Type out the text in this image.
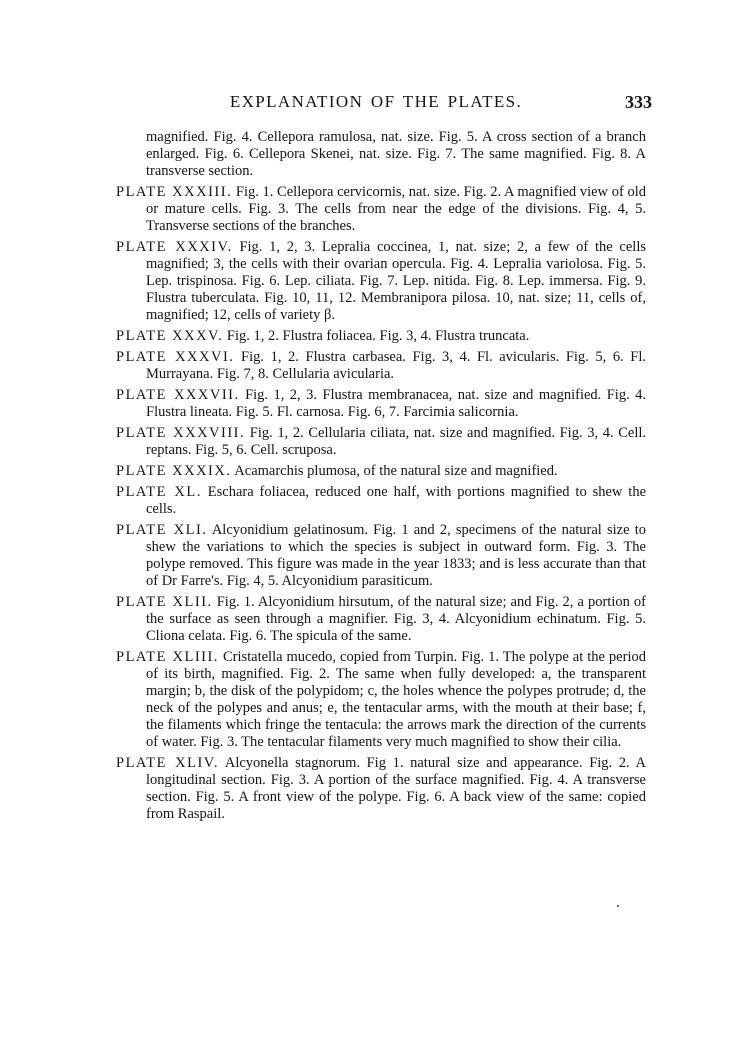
EXPLANATION OF THE PLATES.	333

magnified. Fig. 4. Cellepora ramulosa, nat. size. Fig. 5. A cross section of a branch enlarged. Fig. 6. Cellepora Skenei, nat. size. Fig. 7. The same magnified. Fig. 8. A transverse section.

PLATE XXXIII. Fig. 1. Cellepora cervicornis, nat. size. Fig. 2. A magnified view of old or mature cells. Fig. 3. The cells from near the edge of the divisions. Fig. 4, 5. Transverse sections of the branches.

PLATE XXXIV. Fig. 1, 2, 3. Lepralia coccinea, 1, nat. size; 2, a few of the cells magnified; 3, the cells with their ovarian opercula. Fig. 4. Lepralia variolosa. Fig. 5. Lep. trispinosa. Fig. 6. Lep. ciliata. Fig. 7. Lep. nitida. Fig. 8. Lep. immersa. Fig. 9. Flustra tuberculata. Fig. 10, 11, 12. Membranipora pilosa. 10, nat. size; 11, cells of, magnified; 12, cells of variety β.

PLATE XXXV. Fig. 1, 2. Flustra foliacea. Fig. 3, 4. Flustra truncata.

PLATE XXXVI. Fig. 1, 2. Flustra carbasea. Fig. 3, 4. Fl. avicularis. Fig. 5, 6. Fl. Murrayana. Fig. 7, 8. Cellularia avicularia.

PLATE XXXVII. Fig. 1, 2, 3. Flustra membranacea, nat. size and magnified. Fig. 4. Flustra lineata. Fig. 5. Fl. carnosa. Fig. 6, 7. Farcimia salicornia.

PLATE XXXVIII. Fig. 1, 2. Cellularia ciliata, nat. size and magnified. Fig. 3, 4. Cell. reptans. Fig. 5, 6. Cell. scruposa.

PLATE XXXIX. Acamarchis plumosa, of the natural size and magnified.

PLATE XL. Eschara foliacea, reduced one half, with portions magnified to shew the cells.

PLATE XLI. Alcyonidium gelatinosum. Fig. 1 and 2, specimens of the natural size to shew the variations to which the species is subject in outward form. Fig. 3. The polype removed. This figure was made in the year 1833; and is less accurate than that of Dr Farre's. Fig. 4, 5. Alcyonidium parasiticum.

PLATE XLII. Fig. 1. Alcyonidium hirsutum, of the natural size; and Fig. 2, a portion of the surface as seen through a magnifier. Fig. 3, 4. Alcyonidium echinatum. Fig. 5. Cliona celata. Fig. 6. The spicula of the same.

PLATE XLIII. Cristatella mucedo, copied from Turpin. Fig. 1. The polype at the period of its birth, magnified. Fig. 2. The same when fully developed: a, the transparent margin; b, the disk of the polypidom; c, the holes whence the polypes protrude; d, the neck of the polypes and anus; e, the tentacular arms, with the mouth at their base; f, the filaments which fringe the tentacula: the arrows mark the direction of the currents of water. Fig. 3. The tentacular filaments very much magnified to show their cilia.

PLATE XLIV. Alcyonella stagnorum. Fig 1. natural size and appearance. Fig. 2. A longitudinal section. Fig. 3. A portion of the surface magnified. Fig. 4. A transverse section. Fig. 5. A front view of the polype. Fig. 6. A back view of the same: copied from Raspail.
